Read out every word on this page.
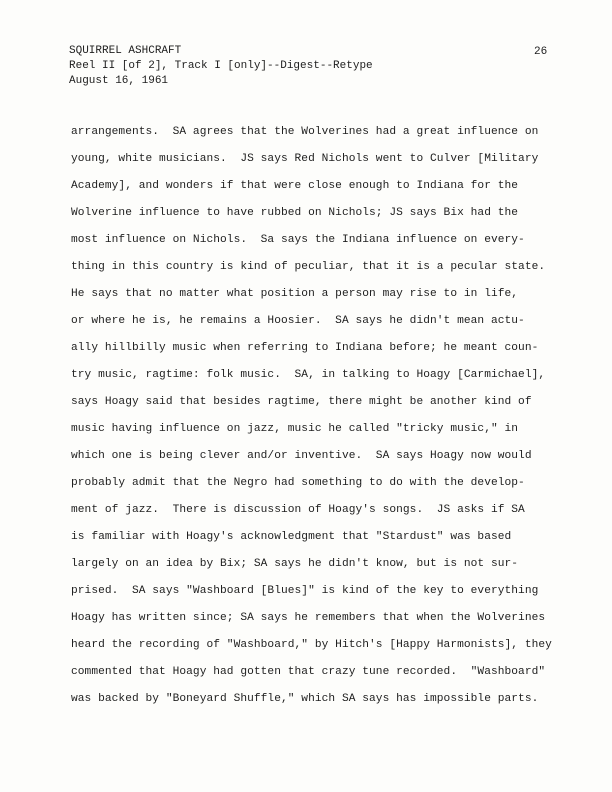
SQUIRREL ASHCRAFT
Reel II [of 2], Track I [only]--Digest--Retype
August 16, 1961
26
arrangements.  SA agrees that the Wolverines had a great influence on
young, white musicians.  JS says Red Nichols went to Culver [Military
Academy], and wonders if that were close enough to Indiana for the
Wolverine influence to have rubbed on Nichols; JS says Bix had the
most influence on Nichols.  Sa says the Indiana influence on every-
thing in this country is kind of peculiar, that it is a pecular state.
He says that no matter what position a person may rise to in life,
or where he is, he remains a Hoosier.  SA says he didn't mean actu-
ally hillbilly music when referring to Indiana before; he meant coun-
try music, ragtime: folk music.  SA, in talking to Hoagy [Carmichael],
says Hoagy said that besides ragtime, there might be another kind of
music having influence on jazz, music he called "tricky music," in
which one is being clever and/or inventive.  SA says Hoagy now would
probably admit that the Negro had something to do with the develop-
ment of jazz.  There is discussion of Hoagy's songs.  JS asks if SA
is familiar with Hoagy's acknowledgment that "Stardust" was based
largely on an idea by Bix; SA says he didn't know, but is not sur-
prised.  SA says "Washboard [Blues]" is kind of the key to everything
Hoagy has written since; SA says he remembers that when the Wolverines
heard the recording of "Washboard," by Hitch's [Happy Harmonists], they
commented that Hoagy had gotten that crazy tune recorded.  "Washboard"
was backed by "Boneyard Shuffle," which SA says has impossible parts.
